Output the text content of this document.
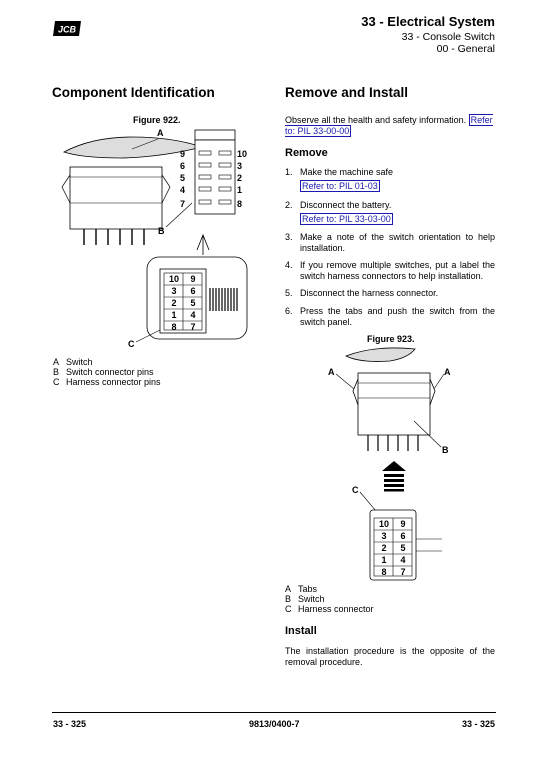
JCB
33 - Electrical System
33 - Console Switch
00 - General
Component Identification
Figure 922.
A
9
6
5
4
7
10
3
2
1
8
B
10 9
3 6
2 5
1 4
8 7
C
A Switch
B Switch connector pins
C Harness connector pins
Remove and Install
Observe all the health and safety information. Refer to: PIL 33-00-00
Remove
1. Make the machine safe
Refer to: PIL 01-03
2. Disconnect the battery.
Refer to: PIL 33-03-00
3. Make a note of the switch orientation to help installation.
4. If you remove multiple switches, put a label the switch harness connectors to help installation.
5. Disconnect the harness connector.
6. Press the tabs and push the switch from the switch panel.
Figure 923.
A	A
B
C
10 9
3 6
2 5
1 4
8 7
A Tabs
B Switch
C Harness connector
Install
The installation procedure is the opposite of the removal procedure.
33 - 325	9813/0400-7	33 - 325
